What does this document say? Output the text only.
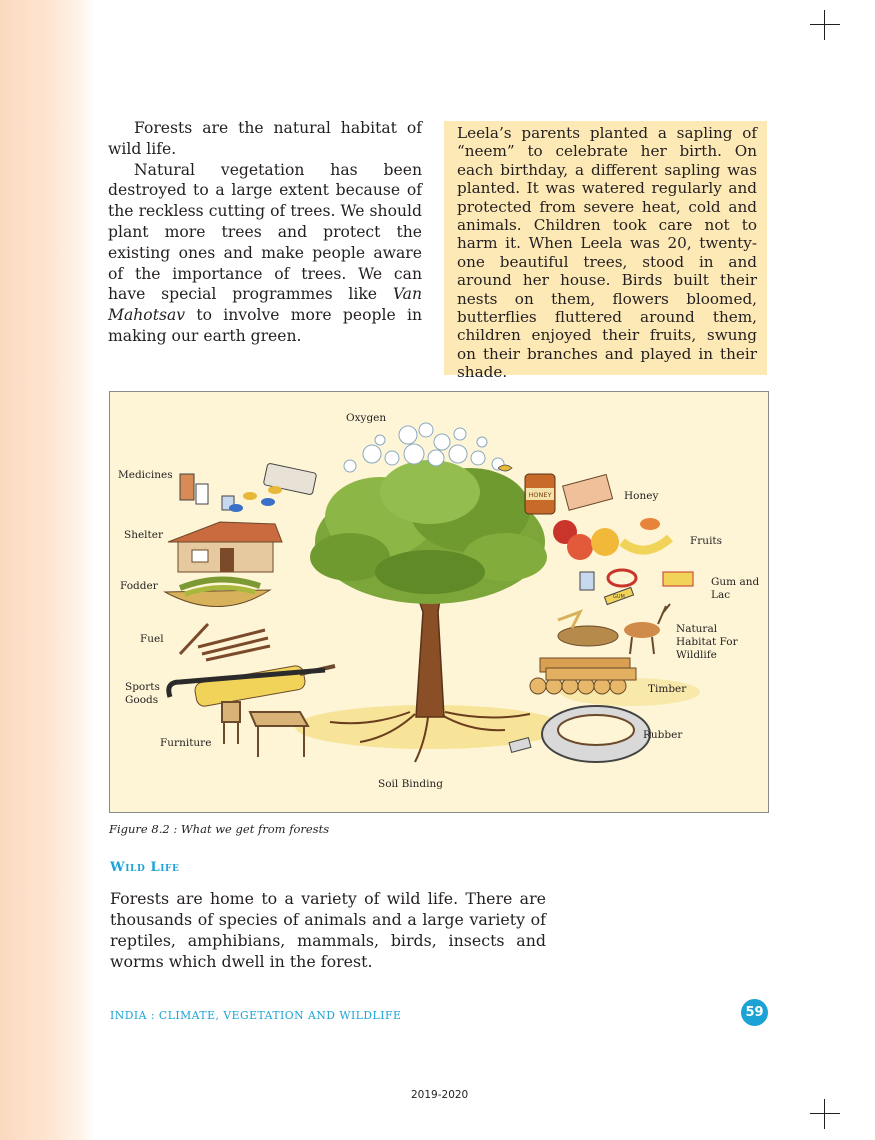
Forests are the natural habitat of wild life.

Natural vegetation has been destroyed to a large extent because of the reckless cutting of trees. We should plant more trees and protect the existing ones and make people aware of the importance of trees. We can have special programmes like Van Mahotsav to involve more people in making our earth green.

Leela’s parents planted a sapling of “neem” to celebrate her birth. On each birthday, a different sapling was planted. It was watered regularly and protected from severe heat, cold and animals. Children took care not to harm it. When Leela was 20, twenty-one beautiful trees, stood in and around her house. Birds built their nests on them, flowers bloomed, butterflies fluttered around them, children enjoyed their fruits, swung on their branches and played in their shade.

HONEY
GUM
Oxygen
Medicines
Shelter
Fodder
Fuel
Sports Goods
Furniture
Soil Binding
Honey
Fruits
Gum and Lac
Natural Habitat For Wildlife
Timber
Rubber
Figure 8.2 : What we get from forests
Wild Life

Forests are home to a variety of wild life. There are thousands of species of animals and a large variety of reptiles, amphibians, mammals, birds, insects and worms which dwell in the forest.

INDIA : CLIMATE, VEGETATION AND WILDLIFE	59
2019-2020
